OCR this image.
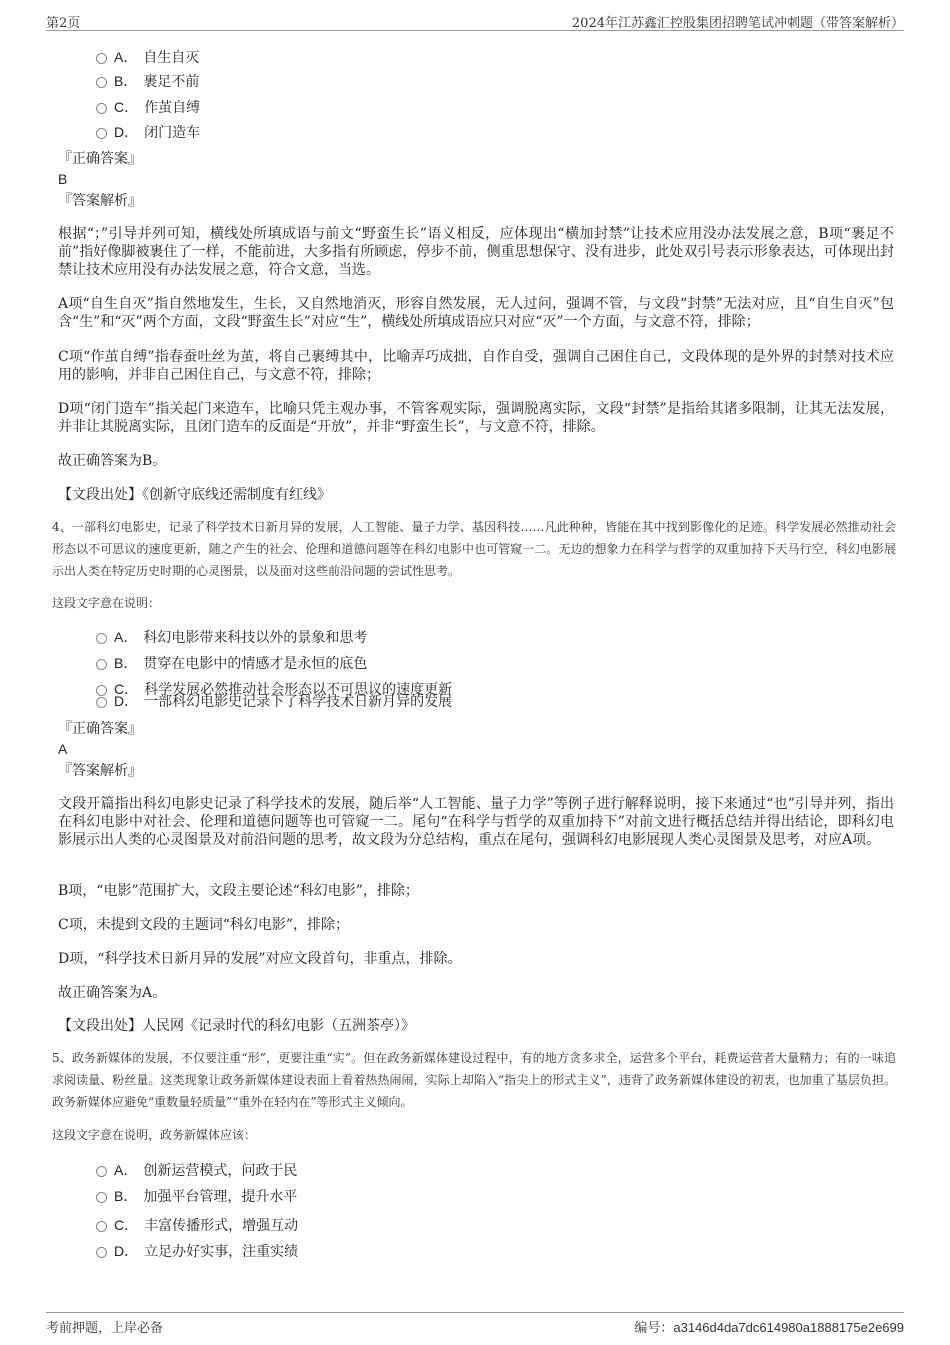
第2页	2024年江苏鑫汇控股集团招聘笔试冲刺题（带答案解析）
A． 自生自灭
B． 裹足不前
C． 作茧自缚
D． 闭门造车
『正确答案』
B
『答案解析』
根据“；”引导并列可知，横线处所填成语与前文“野蛮生长”语义相反，应体现出“横加封禁”让技术应用没办法发展之意，B项“裹足不前”指好像脚被裹住了一样，不能前进，大多指有所顾虑，停步不前，侧重思想保守、没有进步，此处双引号表示形象表达，可体现出封禁让技术应用没有办法发展之意，符合文意，当选。
A项“自生自灭”指自然地发生，生长，又自然地消灭，形容自然发展，无人过问，强调不管，与文段“封禁”无法对应，且“自生自灭”包含“生”和“灭”两个方面，文段“野蛮生长”对应“生”，横线处所填成语应只对应“灭”一个方面，与文意不符，排除；
C项“作茧自缚”指春蚕吐丝为茧，将自己裹缚其中，比喻弄巧成拙，自作自受，强调自己困住自己，文段体现的是外界的封禁对技术应用的影响，并非自己困住自己，与文意不符，排除；
D项“闭门造车”指关起门来造车，比喻只凭主观办事，不管客观实际，强调脱离实际，文段“封禁”是指给其诸多限制，让其无法发展，并非让其脱离实际，且闭门造车的反面是“开放”，并非“野蛮生长”，与文意不符，排除。
故正确答案为B。
【文段出处】《创新守底线还需制度有红线》
4、一部科幻电影史，记录了科学技术日新月异的发展，人工智能、量子力学、基因科技……凡此种种，皆能在其中找到影像化的足迹。科学发展必然推动社会形态以不可思议的速度更新，随之产生的社会、伦理和道德问题等在科幻电影中也可管窥一二。无边的想象力在科学与哲学的双重加持下天马行空，科幻电影展示出人类在特定历史时期的心灵图景，以及面对这些前沿问题的尝试性思考。
这段文字意在说明：
A． 科幻电影带来科技以外的景象和思考
B． 贯穿在电影中的情感才是永恒的底色
C． 科学发展必然推动社会形态以不可思议的速度更新
D． 一部科幻电影史记录下了科学技术日新月异的发展
『正确答案』
A
『答案解析』
文段开篇指出科幻电影史记录了科学技术的发展，随后举“人工智能、量子力学”等例子进行解释说明，接下来通过“也”引导并列，指出在科幻电影中对社会、伦理和道德问题等也可管窥一二。尾句“在科学与哲学的双重加持下”对前文进行概括总结并得出结论，即科幻电影展示出人类的心灵图景及对前沿问题的思考，故文段为分总结构，重点在尾句，强调科幻电影展现人类心灵图景及思考，对应A项。
B项，“电影”范围扩大，文段主要论述“科幻电影”，排除；
C项，未提到文段的主题词“科幻电影”，排除；
D项，“科学技术日新月异的发展”对应文段首句，非重点，排除。
故正确答案为A。
【文段出处】人民网《记录时代的科幻电影（五洲茶亭）》
5、政务新媒体的发展，不仅要注重“形”，更要注重“实”。但在政务新媒体建设过程中，有的地方贪多求全，运营多个平台，耗费运营者大量精力；有的一味追求阅读量、粉丝量。这类现象让政务新媒体建设表面上看着热热闹闹，实际上却陷入“指尖上的形式主义”，违背了政务新媒体建设的初衷，也加重了基层负担。政务新媒体应避免“重数量轻质量”“重外在轻内在”等形式主义倾向。
这段文字意在说明，政务新媒体应该：
A． 创新运营模式，问政于民
B． 加强平台管理，提升水平
C． 丰富传播形式，增强互动
D． 立足办好实事，注重实绩
考前押题，上岸必备	编号：a3146d4da7dc614980a1888175e2e699
